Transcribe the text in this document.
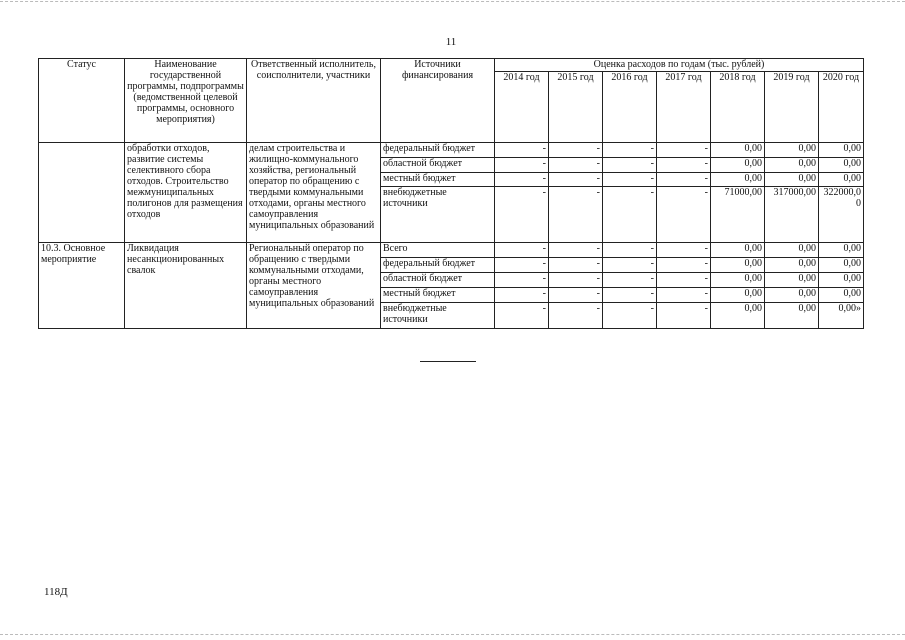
11
Статус	Наименование государственной программы, подпрограммы (ведомственной целевой программы, основного мероприятия)	Ответственный исполнитель, соисполнители, участники	Источники финансирования	Оценка расходов по годам (тыс. рублей)						
				2014 год	2015 год	2016 год	2017 год	2018 год	2019 год	2020 год
	обработки отходов, развитие системы селективного сбора отходов. Строительство межмуниципальных полигонов для размещения отходов	делам строительства и жилищно-коммунального хозяйства, региональный оператор по обращению с твердыми коммунальными отходами, органы местного самоуправления муниципальных образований	федеральный бюджет	-	-	-	-	0,00	0,00	0,00
			областной бюджет	-	-	-	-	0,00	0,00	0,00
			местный бюджет	-	-	-	-	0,00	0,00	0,00
			внебюджетные источники	-	-	-	-	71000,00	317000,00	322000,00
10.3. Основное мероприятие	Ликвидация несанкционированных свалок	Региональный оператор по обращению с твердыми коммунальными отходами, органы местного самоуправления муниципальных образований	Всего	-	-	-	-	0,00	0,00	0,00
			федеральный бюджет	-	-	-	-	0,00	0,00	0,00
			областной бюджет	-	-	-	-	0,00	0,00	0,00
			местный бюджет	-	-	-	-	0,00	0,00	0,00
			внебюджетные источники	-	-	-	-	0,00	0,00	0,00»
118Д
